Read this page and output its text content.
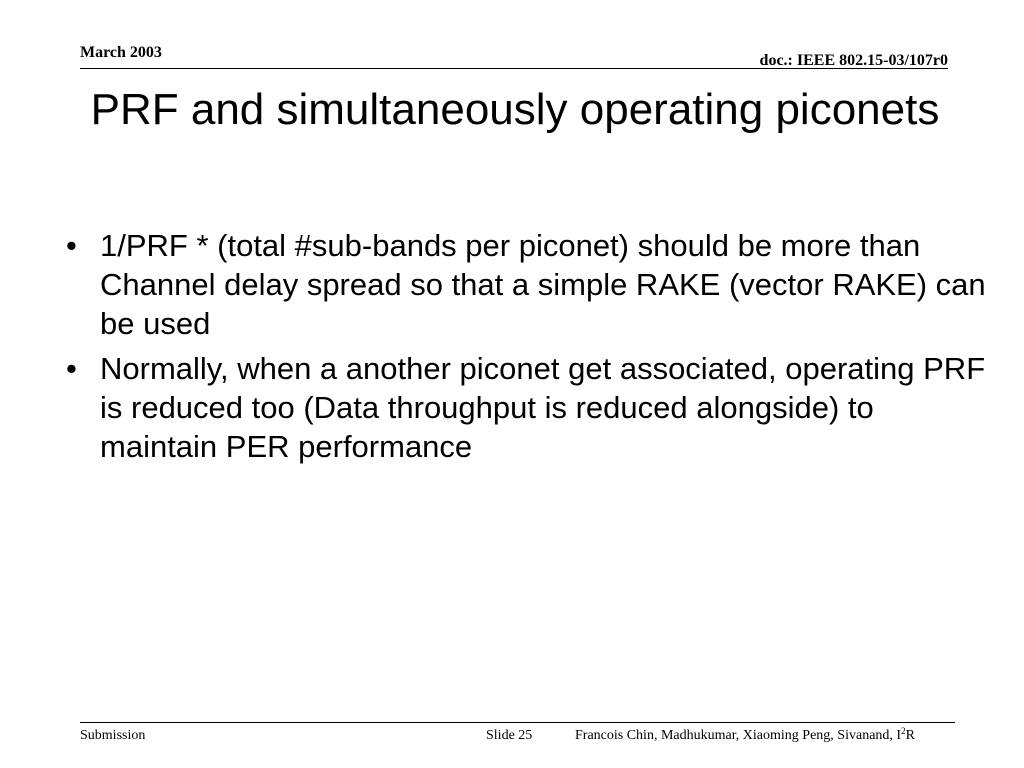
March 2003	doc.: IEEE 802.15-03/107r0
PRF and simultaneously operating piconets
• 1/PRF * (total #sub-bands per piconet) should be more than Channel delay spread so that a simple RAKE (vector RAKE) can be used
• Normally, when a another piconet get associated, operating PRF is reduced too (Data throughput is reduced alongside) to maintain PER performance
Submission	Slide 25	Francois Chin, Madhukumar, Xiaoming Peng, Sivanand, $I^2R$
